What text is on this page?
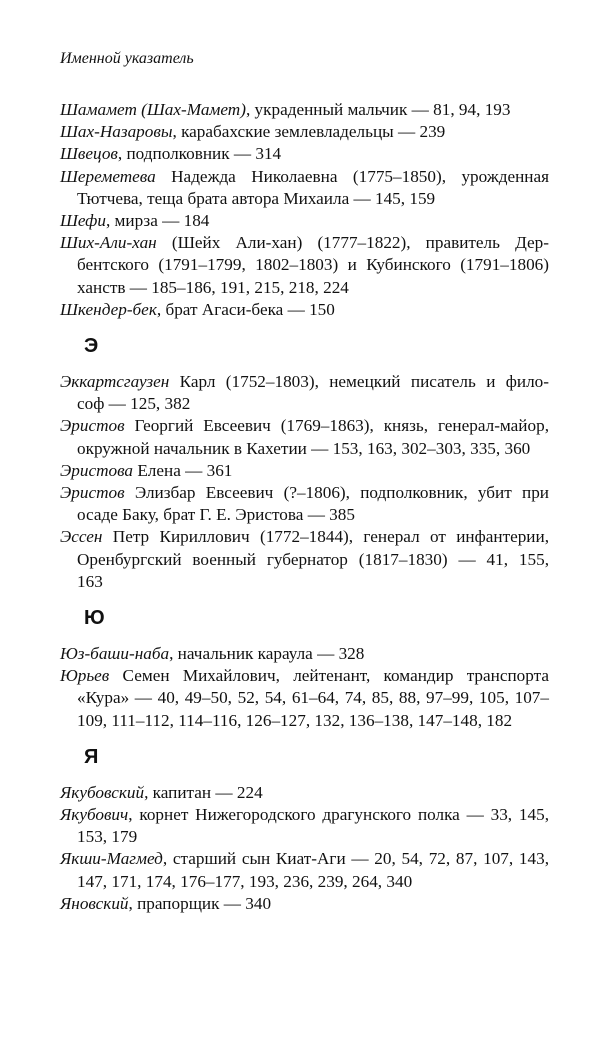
Именной указатель

Шамамет (Шах-Мамет), украденный мальчик — 81, 94, 193

Шах-Назаровы, карабахские землевладельцы — 239

Швецов, подполковник — 314

Шереметева Надежда Николаевна (1775–1850), урожденная
Тютчева, теща брата автора Михаила — 145, 159

Шефи, мирза — 184

Ших-Али-хан (Шейх Али-хан) (1777–1822), правитель Дер-
бентского (1791–1799, 1802–1803) и Кубинского (1791–1806)
ханств — 185–186, 191, 215, 218, 224

Шкендер-бек, брат Агаси-бека — 150

Э

Эккартсгаузен Карл (1752–1803), немецкий писатель и фило-
соф — 125, 382

Эристов Георгий Евсеевич (1769–1863), князь, генерал-майор,
окружной начальник в Кахетии — 153, 163, 302–303, 335, 360

Эристова Елена — 361

Эристов Элизбар Евсеевич (?–1806), подполковник, убит при
осаде Баку, брат Г. Е. Эристова — 385

Эссен Петр Кириллович (1772–1844), генерал от инфантерии,
Оренбургский военный губернатор (1817–1830) — 41, 155,
163

Ю

Юз-баши-наба, начальник караула — 328

Юрьев Семен Михайлович, лейтенант, командир транспорта
«Кура» — 40, 49–50, 52, 54, 61–64, 74, 85, 88, 97–99, 105, 107–
109, 111–112, 114–116, 126–127, 132, 136–138, 147–148, 182

Я

Якубовский, капитан — 224

Якубович, корнет Нижегородского драгунского полка — 33, 145,
153, 179

Якши-Магмед, старший сын Киат-Аги — 20, 54, 72, 87, 107, 143,
147, 171, 174, 176–177, 193, 236, 239, 264, 340

Яновский, прапорщик — 340
